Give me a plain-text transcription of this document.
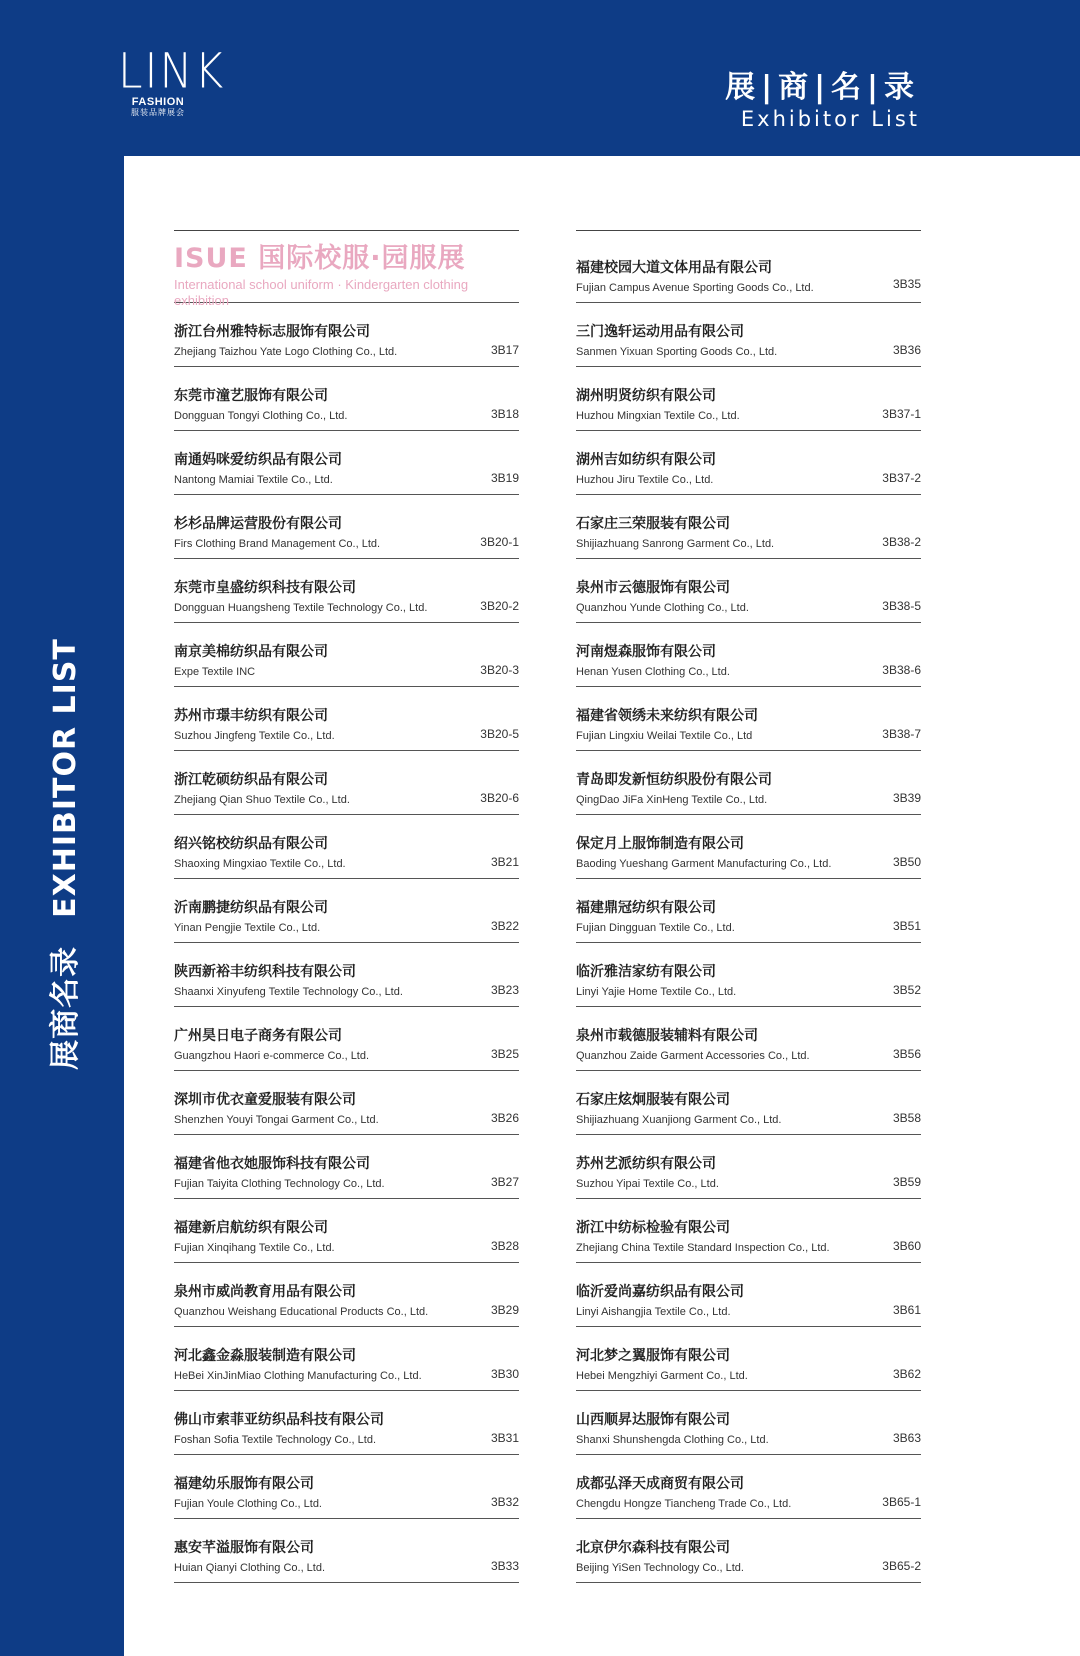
LINK
FASHION
服装品牌展会
展|商|名|录
Exhibitor List
展商名录EXHIBITOR LIST
ISUE 国际校服·园服展
International school uniform · Kindergarten clothing exhibition
浙江台州雅特标志服饰有限公司
Zhejiang Taizhou Yate Logo Clothing Co., Ltd.	3B17
东莞市潼艺服饰有限公司
Dongguan Tongyi Clothing Co., Ltd.	3B18
南通妈咪爱纺织品有限公司
Nantong Mamiai Textile Co., Ltd.	3B19
杉杉品牌运营股份有限公司
Firs Clothing Brand Management Co., Ltd.	3B20-1
东莞市皇盛纺织科技有限公司
Dongguan Huangsheng Textile Technology Co., Ltd.	3B20-2
南京美棉纺织品有限公司
Expe Textile INC	3B20-3
苏州市璟丰纺织有限公司
Suzhou Jingfeng Textile Co., Ltd.	3B20-5
浙江乾硕纺织品有限公司
Zhejiang Qian Shuo Textile Co., Ltd.	3B20-6
绍兴铭校纺织品有限公司
Shaoxing Mingxiao Textile Co., Ltd.	3B21
沂南鹏捷纺织品有限公司
Yinan Pengjie Textile Co., Ltd.	3B22
陕西新裕丰纺织科技有限公司
Shaanxi Xinyufeng Textile Technology Co., Ltd.	3B23
广州昊日电子商务有限公司
Guangzhou Haori e-commerce Co., Ltd.	3B25
深圳市优衣童爱服装有限公司
Shenzhen Youyi Tongai Garment Co., Ltd.	3B26
福建省他衣她服饰科技有限公司
Fujian Taiyita Clothing Technology Co., Ltd.	3B27
福建新启航纺织有限公司
Fujian Xinqihang Textile Co., Ltd.	3B28
泉州市威尚教育用品有限公司
Quanzhou Weishang Educational Products Co., Ltd.	3B29
河北鑫金淼服装制造有限公司
HeBei XinJinMiao Clothing Manufacturing Co., Ltd.	3B30
佛山市索菲亚纺织品科技有限公司
Foshan Sofia Textile Technology Co., Ltd.	3B31
福建幼乐服饰有限公司
Fujian Youle Clothing Co., Ltd.	3B32
惠安芊溢服饰有限公司
Huian Qianyi Clothing Co., Ltd.	3B33
福建校园大道文体用品有限公司
Fujian Campus Avenue Sporting Goods Co., Ltd.	3B35
三门逸轩运动用品有限公司
Sanmen Yixuan Sporting Goods Co., Ltd.	3B36
湖州明贤纺织有限公司
Huzhou Mingxian Textile Co., Ltd.	3B37-1
湖州吉如纺织有限公司
Huzhou Jiru Textile Co., Ltd.	3B37-2
石家庄三荣服装有限公司
Shijiazhuang Sanrong Garment Co., Ltd.	3B38-2
泉州市云德服饰有限公司
Quanzhou Yunde Clothing Co., Ltd.	3B38-5
河南煜森服饰有限公司
Henan Yusen Clothing Co., Ltd.	3B38-6
福建省领绣未来纺织有限公司
Fujian Lingxiu Weilai Textile Co., Ltd	3B38-7
青岛即发新恒纺织股份有限公司
QingDao JiFa XinHeng Textile Co., Ltd.	3B39
保定月上服饰制造有限公司
Baoding Yueshang Garment Manufacturing Co., Ltd.	3B50
福建鼎冠纺织有限公司
Fujian Dingguan Textile Co., Ltd.	3B51
临沂雅洁家纺有限公司
Linyi Yajie Home Textile Co., Ltd.	3B52
泉州市载德服装辅料有限公司
Quanzhou Zaide Garment Accessories Co., Ltd.	3B56
石家庄炫炯服装有限公司
Shijiazhuang Xuanjiong Garment Co., Ltd.	3B58
苏州艺派纺织有限公司
Suzhou Yipai Textile Co., Ltd.	3B59
浙江中纺标检验有限公司
Zhejiang China Textile Standard Inspection Co., Ltd.	3B60
临沂爱尚嘉纺织品有限公司
Linyi Aishangjia Textile Co., Ltd.	3B61
河北梦之翼服饰有限公司
Hebei Mengzhiyi Garment Co., Ltd.	3B62
山西顺昇达服饰有限公司
Shanxi Shunshengda Clothing Co., Ltd.	3B63
成都弘泽天成商贸有限公司
Chengdu Hongze Tiancheng Trade Co., Ltd.	3B65-1
北京伊尔森科技有限公司
Beijing YiSen Technology Co., Ltd.	3B65-2
